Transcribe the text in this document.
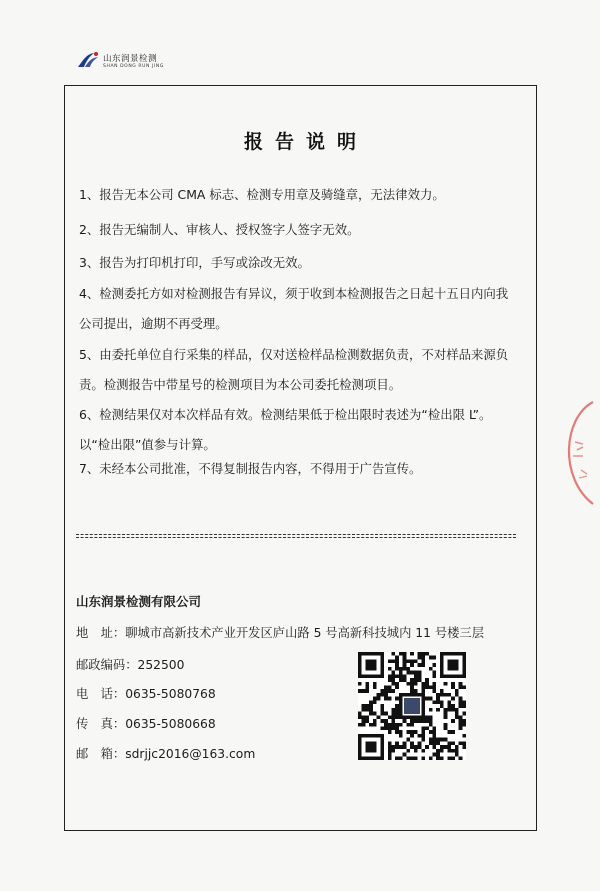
山东润景检测
SHAN DONG RUN JING
报告说明
1、报告无本公司 CMA 标志、检测专用章及骑缝章，无法律效力。
2、报告无编制人、审核人、授权签字人签字无效。
3、报告为打印机打印，手写或涂改无效。
4、检测委托方如对检测报告有异议，须于收到本检测报告之日起十五日内向我
公司提出，逾期不再受理。
5、由委托单位自行采集的样品，仅对送检样品检测数据负责，不对样品来源负
责。检测报告中带星号的检测项目为本公司委托检测项目。
6、检测结果仅对本次样品有效。检测结果低于检出限时表述为“检出限 L”。
以“检出限”值参与计算。
7、未经本公司批准，不得复制报告内容，不得用于广告宣传。
山东润景检测有限公司
地　址：聊城市高新技术产业开发区庐山路 5 号高新科技城内 11 号楼三层
邮政编码：252500
电　话：0635-5080768
传　真：0635-5080668
邮　箱：sdrjjc2016@163.com
